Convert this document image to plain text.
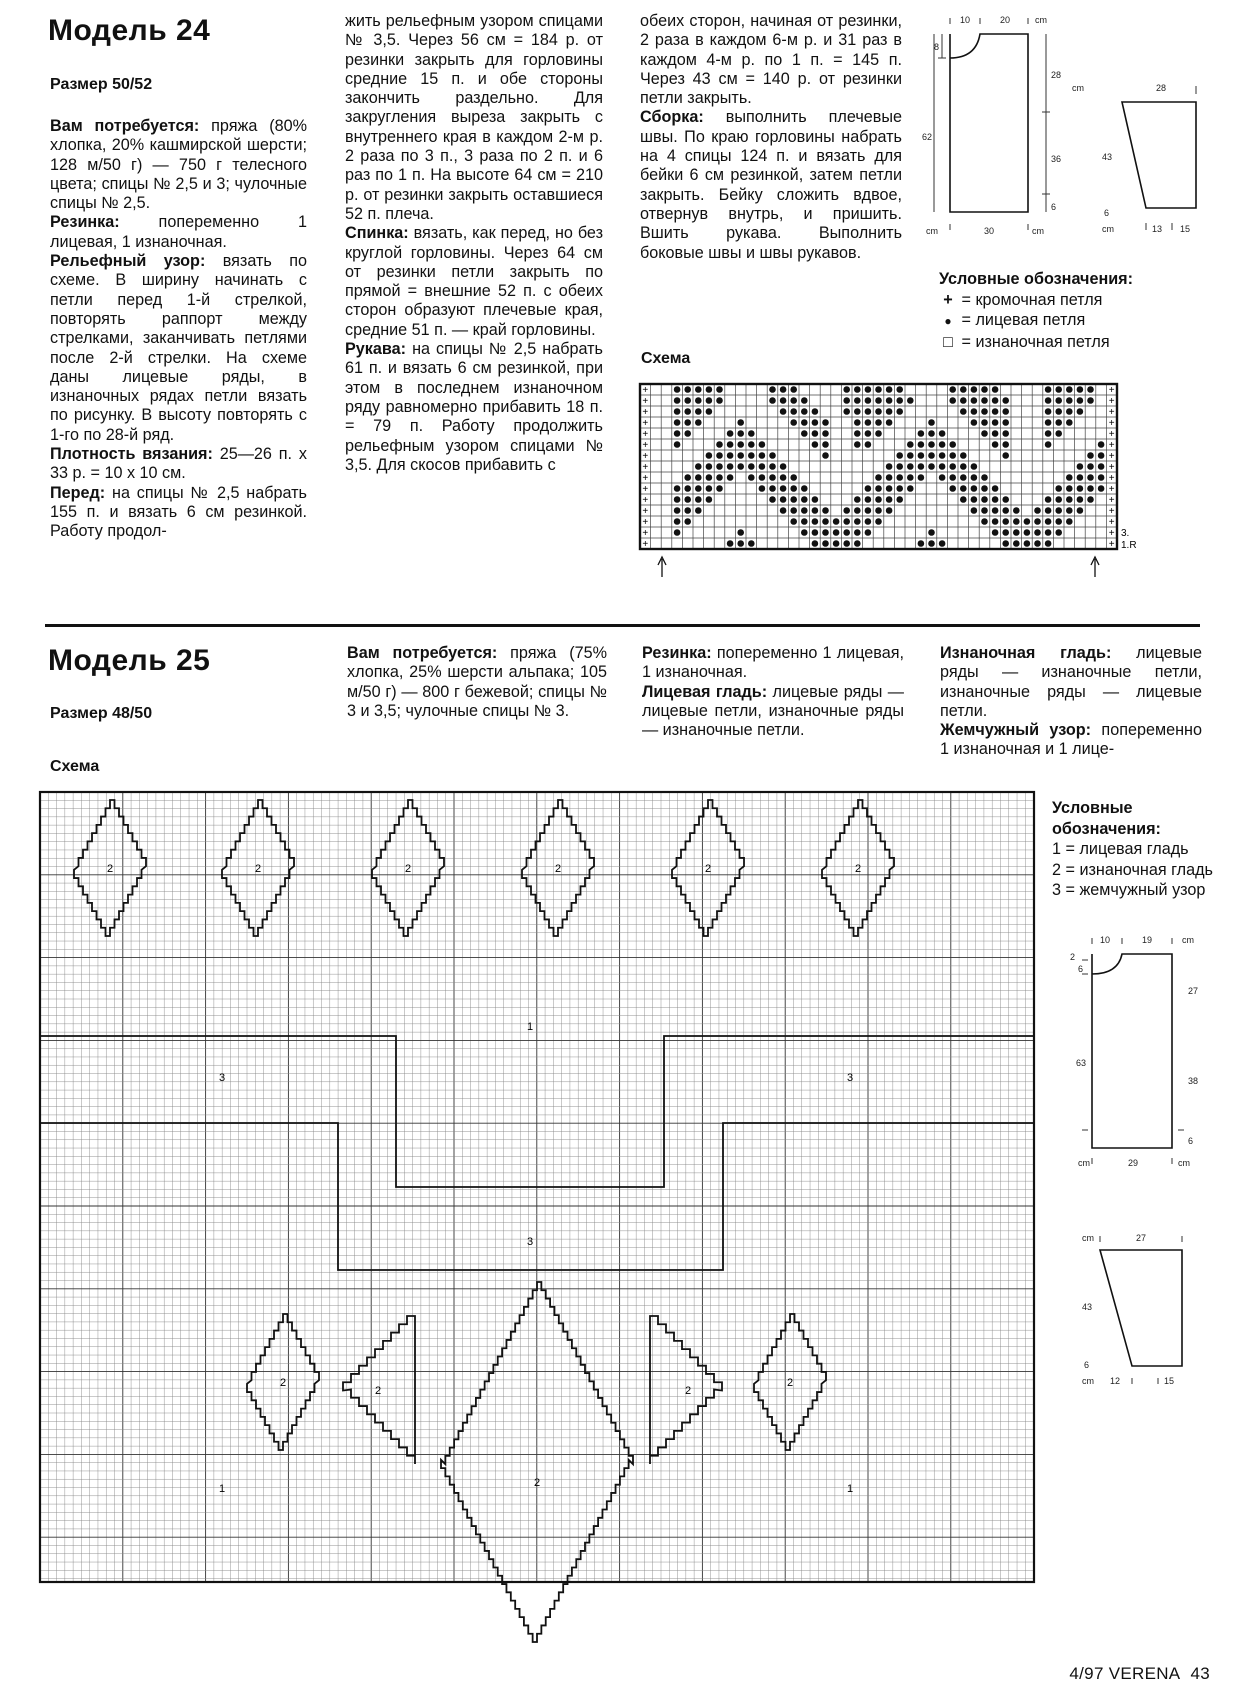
Модель 24
Размер 50/52

Вам потребуется: пряжа (80% хлопка, 20% кашмирской шерсти; 128 м/50 г) — 750 г телесного цвета; спицы № 2,5 и 3; чулочные спицы № 2,5.

Резинка: попеременно 1 лицевая, 1 изнаночная.

Рельефный узор: вязать по схеме. В ширину начинать с петли перед 1-й стрелкой, повторять раппорт между стрелками, заканчивать петлями после 2-й стрелки. На схеме даны лицевые ряды, в изнаночных рядах петли вязать по рисунку. В высоту повторять с 1-го по 28-й ряд.

Плотность вязания: 25—26 п. х 33 р. = 10 х 10 см.

Перед: на спицы № 2,5 набрать 155 п. и вязать 6 см резинкой. Работу продол-

жить рельефным узором спицами № 3,5. Через 56 см = 184 р. от резинки закрыть для горловины средние 15 п. и обе стороны закончить раздельно. Для закругления выреза закрыть с внутреннего края в каждом 2-м р. 2 раза по 3 п., 3 раза по 2 п. и 6 раз по 1 п. На высоте 64 см = 210 р. от резинки закрыть оставшиеся 52 п. плеча.

Спинка: вязать, как перед, но без круглой горловины. Через 64 см от резинки петли закрыть по прямой = внешние 52 п. с обеих сторон образуют плечевые края, средние 51 п. — край горловины.

Рукава: на спицы № 2,5 набрать 61 п. и вязать 6 см резинкой, при этом в последнем изнаночном ряду равномерно прибавить 18 п. = 79 п. Работу продолжить рельефным узором спицами № 3,5. Для скосов прибавить с

обеих сторон, начиная от резинки, 2 раза в каждом 6-м р. и 31 раз в каждом 4-м р. по 1 п. = 145 п. Через 43 см = 140 р. от резинки петли закрыть.

Сборка: выполнить плечевые швы. По краю горловины набрать на 4 спицы 124 п. и вязать для бейки 6 см резинкой, затем петли закрыть. Бейку сложить вдвое, отвернув внутрь, и пришить. Вшить рукава. Выполнить боковые швы и швы рукавов.

10	20	cm
8
28
62
36
6
cm	30	cm
cm	28
43
6
cm	13 15
Условные обозначения:
+ = кромочная петля
● = лицевая петля
□ = изнаночная петля
Схема
+	+
+	+
+	+
+	+
+	+
+	+
+	+
+	+
+	+
+	+
+	+
+	+
+	+
+	+
+	+
3.
1.R
Модель 25
Размер 48/50

Вам потребуется: пряжа (75% хлопка, 25% шерсти альпака; 105 м/50 г) — 800 г бежевой; спицы № 3 и 3,5; чулочные спицы № 3.

Резинка: попеременно 1 лицевая, 1 изнаночная.

Лицевая гладь: лицевые ряды — лицевые петли, изнаночные ряды — изнаночные петли.

Изнаночная гладь: лицевые ряды — изнаночные петли, изнаночные ряды — лицевые петли.

Жемчужный узор: попеременно 1 изнаночная и 1 лице-

Схема
2	2	2	2	2	2
1
3	3
3
2	2
2	2
2
1	1
Условные обозначения:
1 = лицевая гладь
2 = изнаночная гладь
3 = жемчужный узор
10	19	cm
2
6
27
63
38
6
cm	29	cm
cm	27
43
6
cm 12	15
4/97 VERENA 43
